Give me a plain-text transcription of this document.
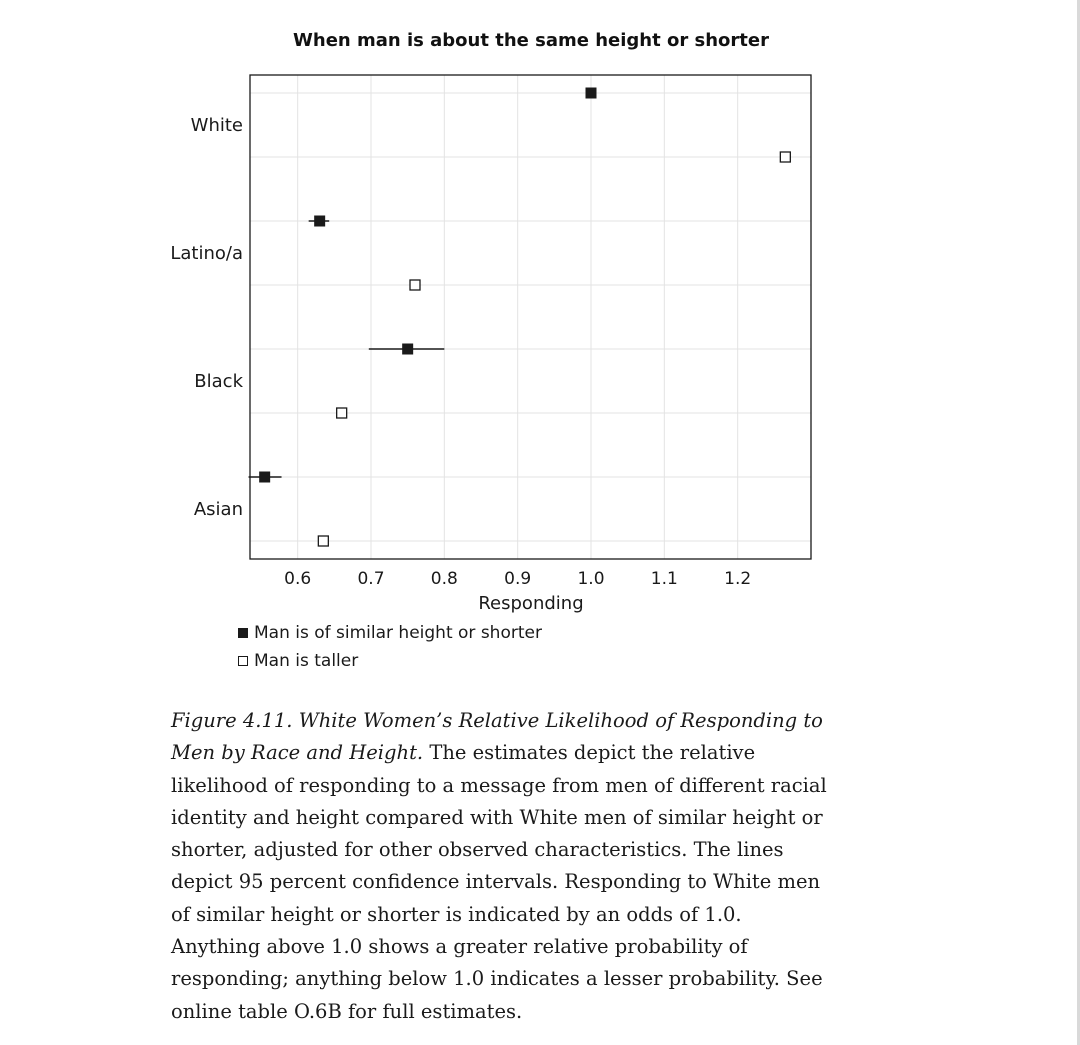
When man is about the same height or shorter
White
Latino/a
Black
Asian
0.6	0.7	0.8	0.9	1.0	1.1	1.2
Responding
Man is of similar height or shorter
Man is taller

Figure 4.11. White Women’s Relative Likelihood of Responding to Men by Race and Height. The estimates depict the relative likelihood of responding to a message from men of different racial identity and height compared with White men of similar height or shorter, adjusted for other observed characteristics. The lines depict 95 percent confidence intervals. Responding to White men of similar height or shorter is indicated by an odds of 1.0. Anything above 1.0 shows a greater relative probability of responding; anything below 1.0 indicates a lesser probability. See online table O.6B for full estimates.
